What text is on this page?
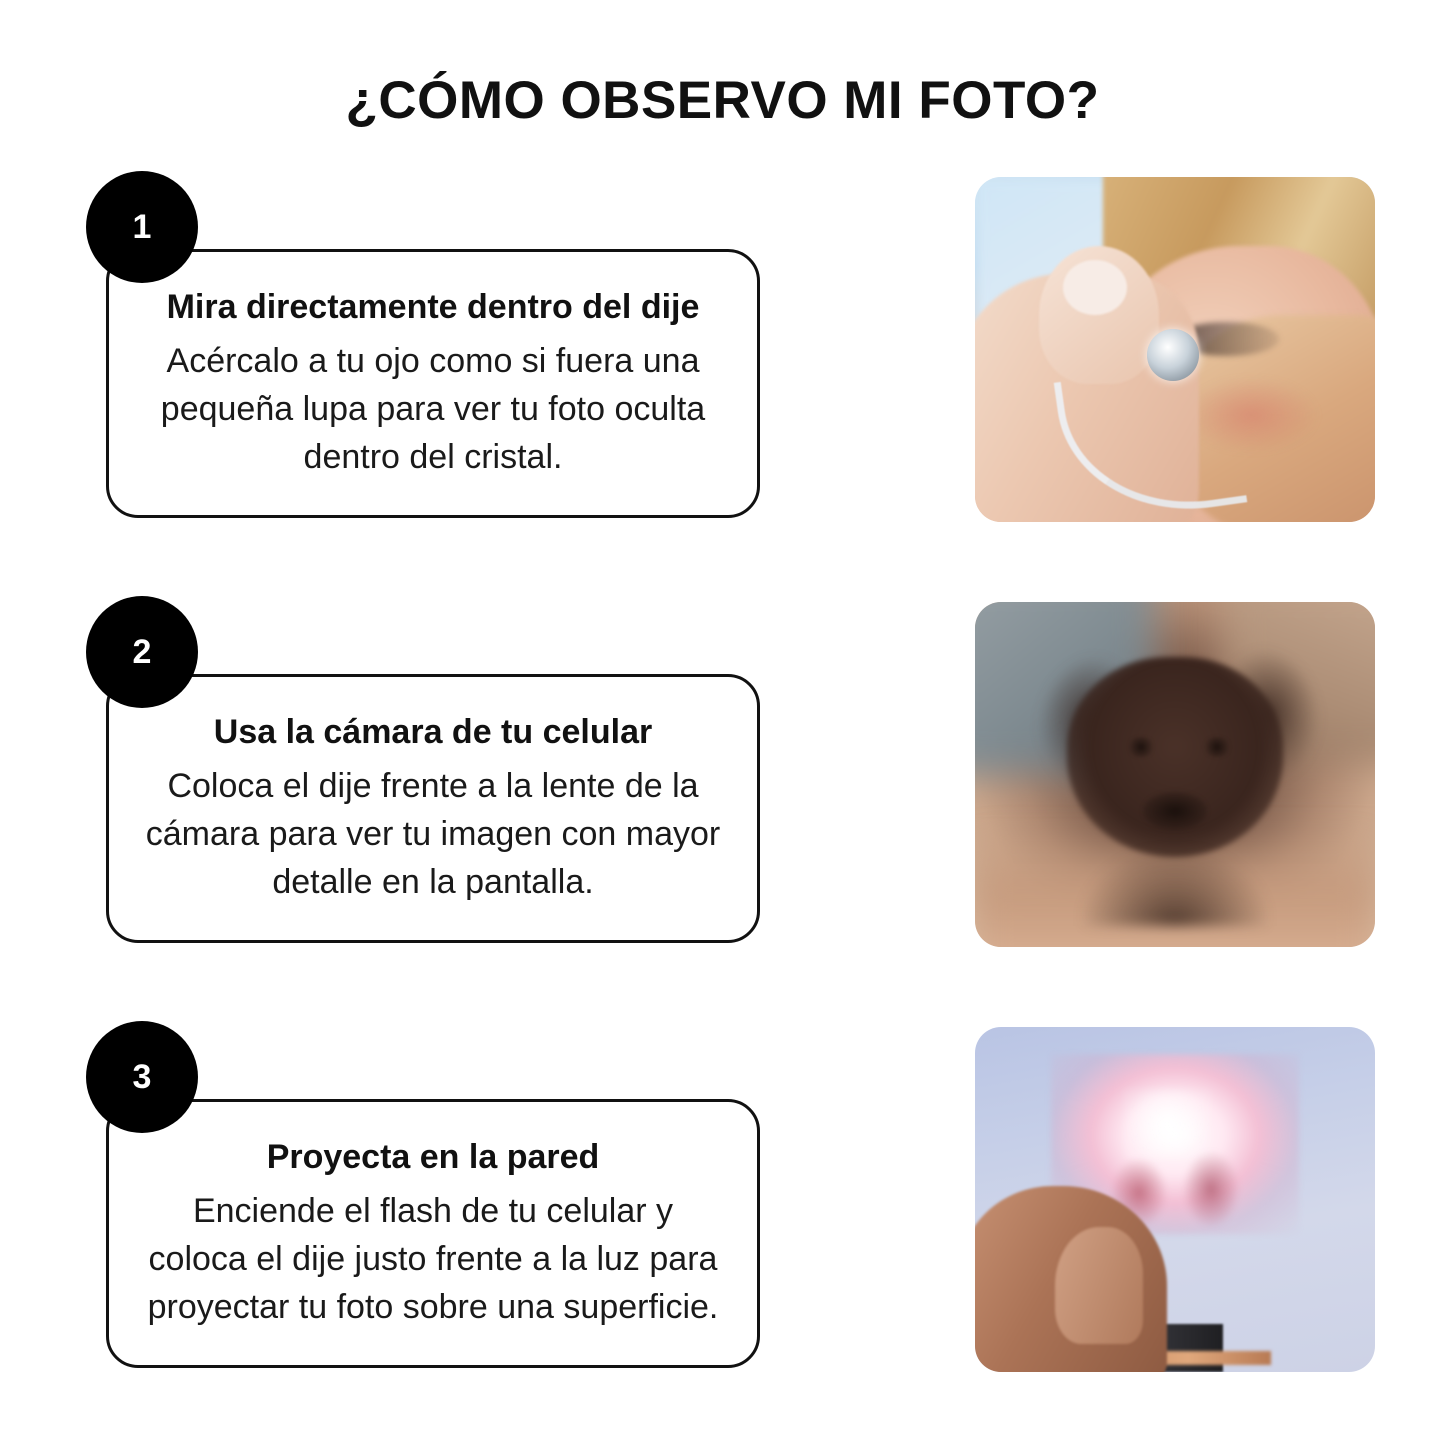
¿CÓMO OBSERVO MI FOTO?
1

Mira directamente dentro del dije

Acércalo a tu ojo como si fuera una pequeña lupa para ver tu foto oculta dentro del cristal.

2

Usa la cámara de tu celular

Coloca el dije frente a la lente de la cámara para ver tu imagen con mayor detalle en la pantalla.

3

Proyecta en la pared

Enciende el flash de tu celular y coloca el dije justo frente a la luz para proyectar tu foto sobre una superficie.
